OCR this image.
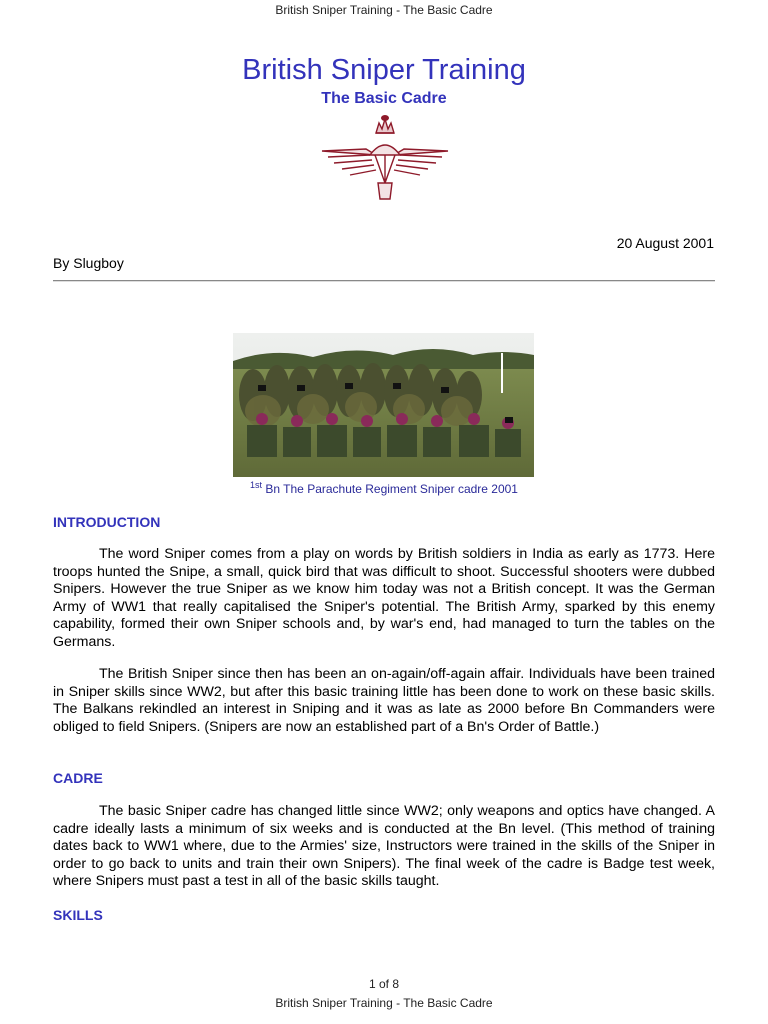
British Sniper Training - The Basic Cadre
British Sniper Training
The Basic Cadre
20 August 2001
By Slugboy
$^{1st}$ Bn The Parachute Regiment Sniper cadre 2001
INTRODUCTION

The word Sniper comes from a play on words by British soldiers in India as early as 1773. Here troops hunted the Snipe, a small, quick bird that was difficult to shoot. Successful shooters were dubbed Snipers. However the true Sniper as we know him today was not a British concept. It was the German Army of WW1 that really capitalised the Sniper's potential. The British Army, sparked by this enemy capability, formed their own Sniper schools and, by war's end, had managed to turn the tables on the Germans.

The British Sniper since then has been an on-again/off-again affair. Individuals have been trained in Sniper skills since WW2, but after this basic training little has been done to work on these basic skills. The Balkans rekindled an interest in Sniping and it was as late as 2000 before Bn Commanders were obliged to field Snipers. (Snipers are now an established part of a Bn's Order of Battle.)

CADRE

The basic Sniper cadre has changed little since WW2; only weapons and optics have changed. A cadre ideally lasts a minimum of six weeks and is conducted at the Bn level. (This method of training dates back to WW1 where, due to the Armies' size, Instructors were trained in the skills of the Sniper in order to go back to units and train their own Snipers). The final week of the cadre is Badge test week, where Snipers must past a test in all of the basic skills taught.

SKILLS
1 of 8
British Sniper Training - The Basic Cadre
